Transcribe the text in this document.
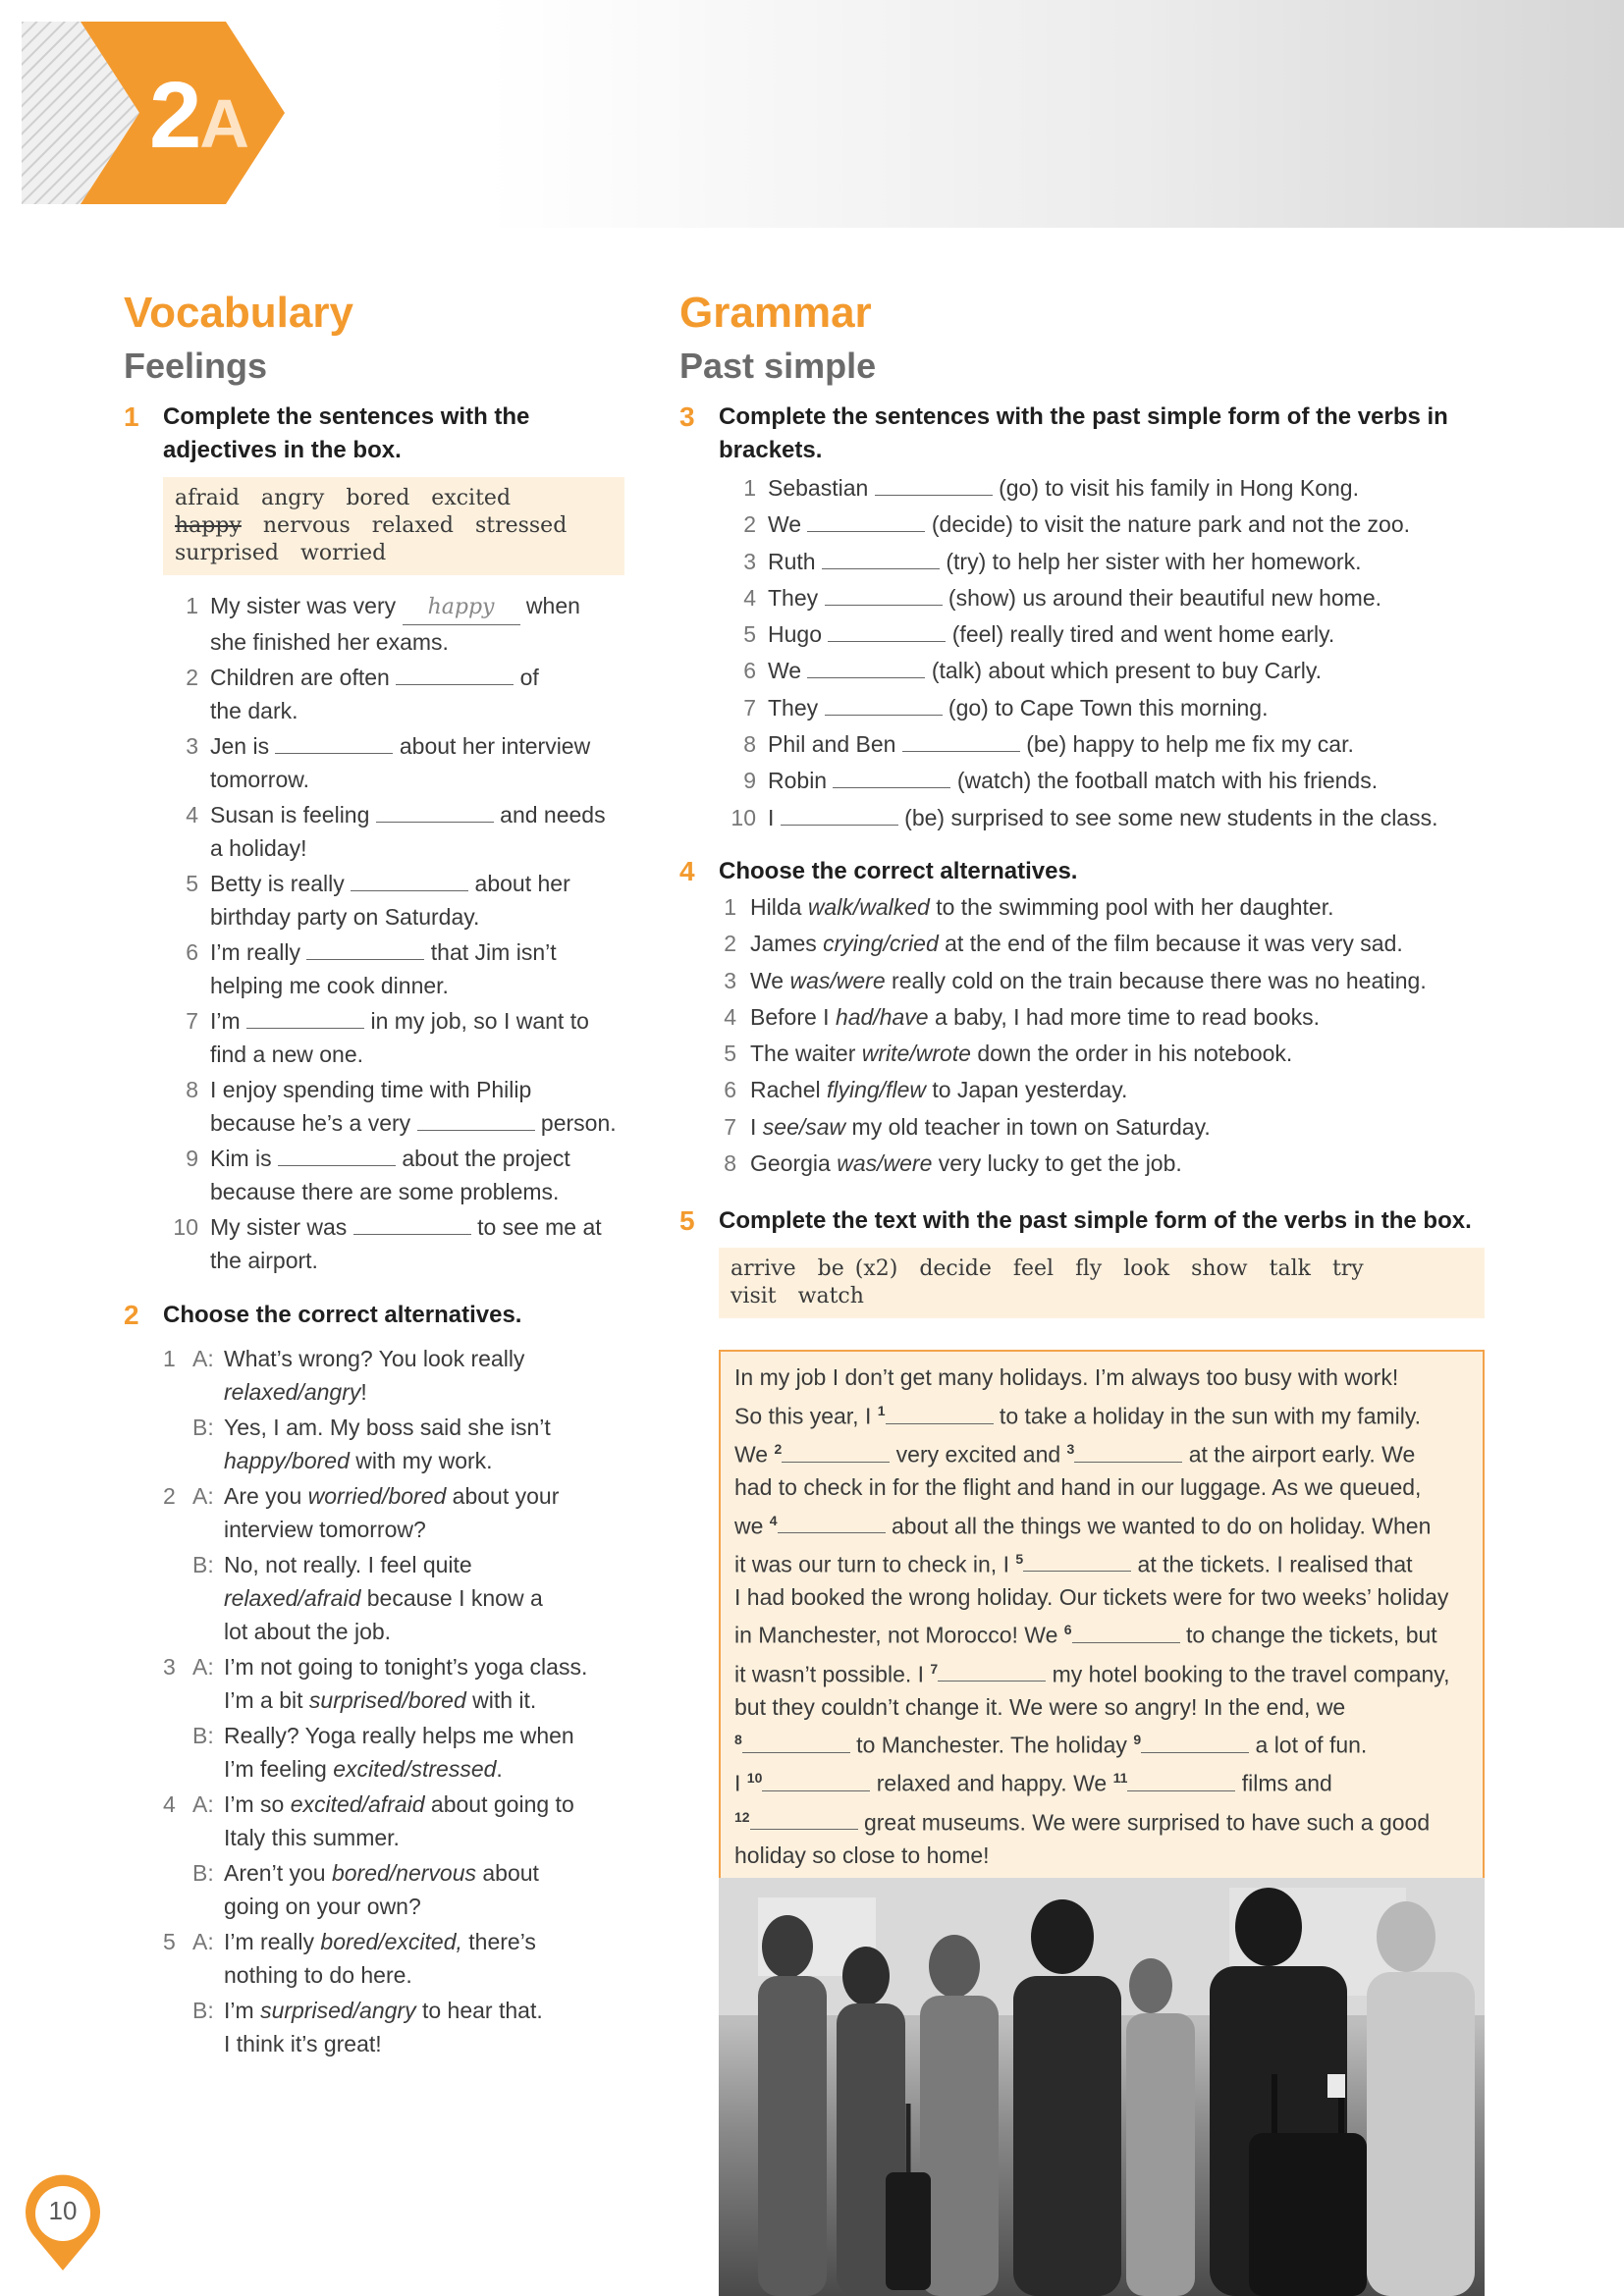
2A
Vocabulary
Feelings
1 Complete the sentences with the adjectives in the box.
afraid angry bored excited
happy nervous relaxed stressed
surprised worried
1 My sister was very happy when
she finished her exams.
2 Children are often	of
the dark.
3 Jen is	about her interview
tomorrow.
4 Susan is feeling	and needs
a holiday!
5 Betty is really	about her
birthday party on Saturday.
6 I’m really	that Jim isn’t
helping me cook dinner.
7 I’m	in my job, so I want to
find a new one.
8 I enjoy spending time with Philip
because he’s a very	person.
9 Kim is	about the project
because there are some problems.
10 My sister was	to see me at
the airport.
2 Choose the correct alternatives.
1 A: What’s wrong? You look really
relaxed/angry!
B: Yes, I am. My boss said she isn’t
happy/bored with my work.
2 A: Are you worried/bored about your
interview tomorrow?
B: No, not really. I feel quite
relaxed/afraid because I know a
lot about the job.
3 A: I’m not going to tonight’s yoga class.
I’m a bit surprised/bored with it.
B: Really? Yoga really helps me when
I’m feeling excited/stressed.
4 A: I’m so excited/afraid about going to
Italy this summer.
B: Aren’t you bored/nervous about
going on your own?
5 A: I’m really bored/excited, there’s
nothing to do here.
B: I’m surprised/angry to hear that.
I think it’s great!
Grammar
Past simple
3 Complete the sentences with the past simple form of the verbs in brackets.
1 Sebastian	(go) to visit his family in Hong Kong.
2 We	(decide) to visit the nature park and not the zoo.
3 Ruth	(try) to help her sister with her homework.
4 They	(show) us around their beautiful new home.
5 Hugo	(feel) really tired and went home early.
6 We	(talk) about which present to buy Carly.
7 They	(go) to Cape Town this morning.
8 Phil and Ben	(be) happy to help me fix my car.
9 Robin	(watch) the football match with his friends.
10 I	(be) surprised to see some new students in the class.
4 Choose the correct alternatives.
1 Hilda walk/walked to the swimming pool with her daughter.
2 James crying/cried at the end of the film because it was very sad.
3 We was/were really cold on the train because there was no heating.
4 Before I had/have a baby, I had more time to read books.
5 The waiter write/wrote down the order in his notebook.
6 Rachel flying/flew to Japan yesterday.
7 I see/saw my old teacher in town on Saturday.
8 Georgia was/were very lucky to get the job.
5 Complete the text with the past simple form of the verbs in the box.
arrive be (x2) decide feel fly look show talk try
visit watch
In my job I don’t get many holidays. I’m always too busy with work!
So this year, I $^1$	to take a holiday in the sun with my family.
We $^2$	very excited and $^3$	at the airport early. We
had to check in for the flight and hand in our luggage. As we queued,
we $^4$	about all the things we wanted to do on holiday. When
it was our turn to check in, I $^5$	at the tickets. I realised that
I had booked the wrong holiday. Our tickets were for two weeks’ holiday
in Manchester, not Morocco! We $^6$	to change the tickets, but
it wasn’t possible. I $^7$	my hotel booking to the travel company,
but they couldn’t change it. We were so angry! In the end, we
$^8$	to Manchester. The holiday $^9$	a lot of fun.
I $^{10}$	relaxed and happy. We $^{11}$	films and
$^{12}$	great museums. We were surprised to have such a good
holiday so close to home!
10
